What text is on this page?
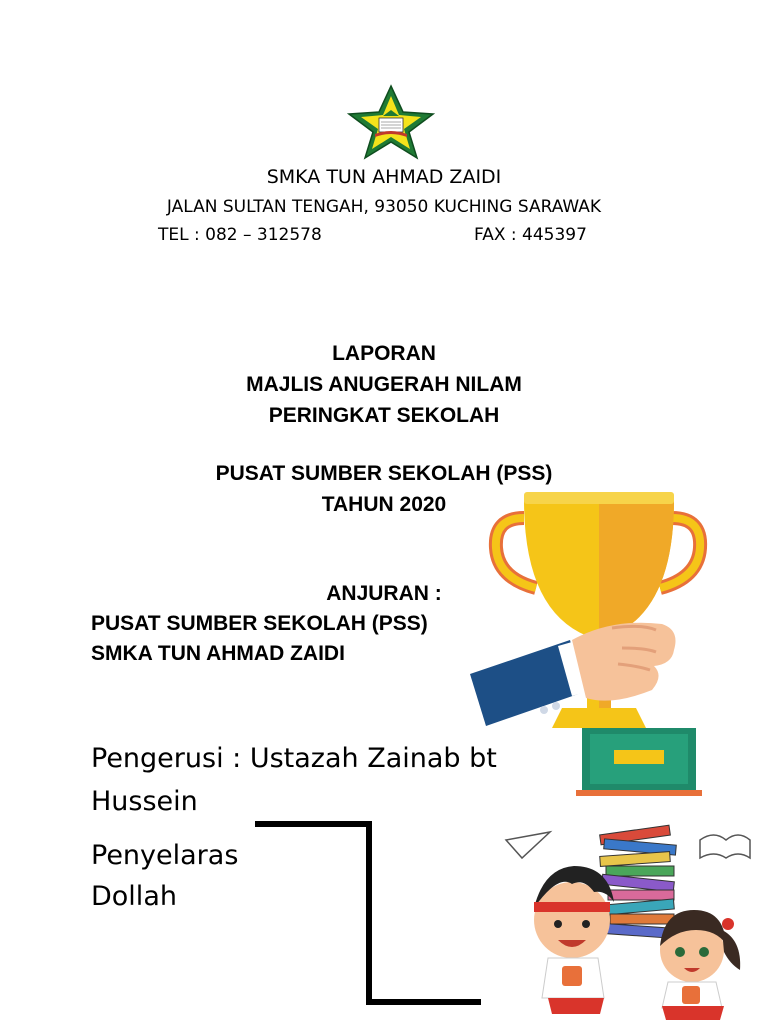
SMKA TUN AHMAD ZAIDI
JALAN SULTAN TENGAH, 93050 KUCHING SARAWAK
TEL : 082 – 312578	FAX : 445397
LAPORAN
MAJLIS ANUGERAH NILAM
PERINGKAT SEKOLAH
PUSAT SUMBER SEKOLAH (PSS)
TAHUN 2020
ANJURAN :
PUSAT SUMBER SEKOLAH (PSS)
SMKA TUN AHMAD ZAIDI
Pengerusi : Ustazah Zainab bt
Hussein
Penyelaras
Dollah
